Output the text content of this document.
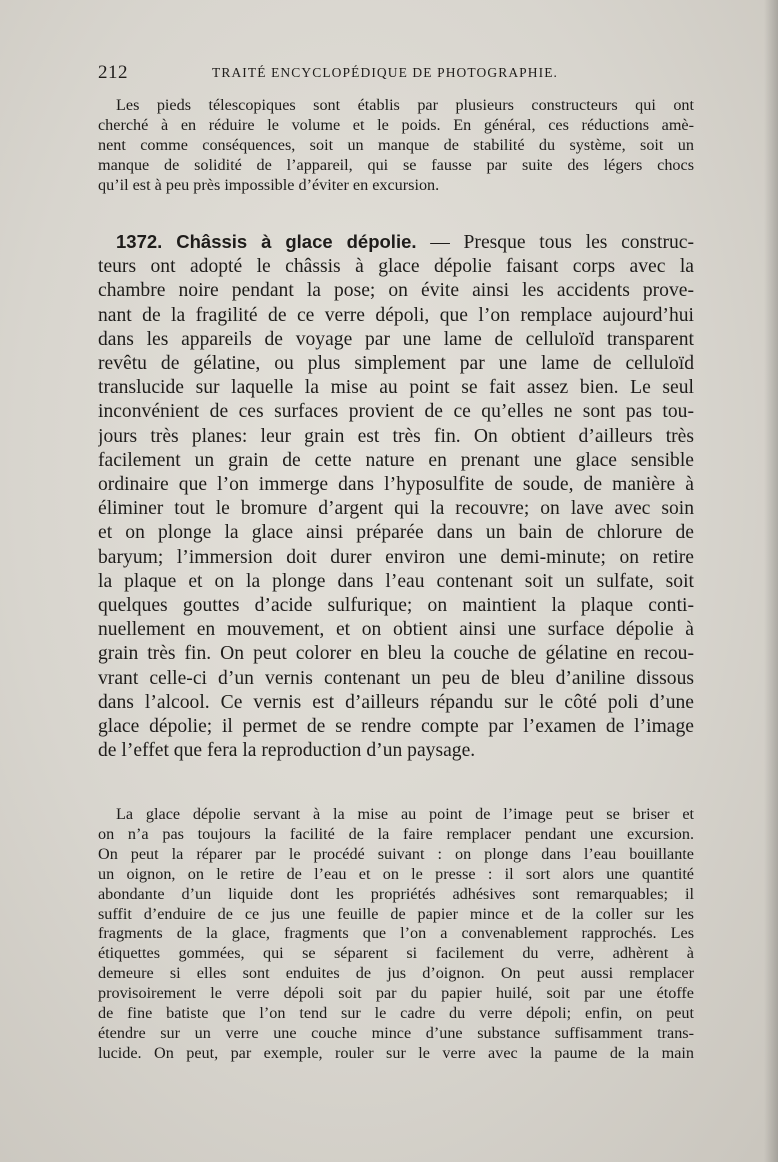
212	TRAITÉ ENCYCLOPÉDIQUE DE PHOTOGRAPHIE.
Les pieds télescopiques sont établis par plusieurs constructeurs qui ont
cherché à en réduire le volume et le poids. En général, ces réductions amè-
nent comme conséquences, soit un manque de stabilité du système, soit un
manque de solidité de l’appareil, qui se fausse par suite des légers chocs
qu’il est à peu près impossible d’éviter en excursion.
1372. Châssis à glace dépolie. — Presque tous les construc-
teurs ont adopté le châssis à glace dépolie faisant corps avec la
chambre noire pendant la pose; on évite ainsi les accidents prove-
nant de la fragilité de ce verre dépoli, que l’on remplace aujourd’hui
dans les appareils de voyage par une lame de celluloïd transparent
revêtu de gélatine, ou plus simplement par une lame de celluloïd
translucide sur laquelle la mise au point se fait assez bien. Le seul
inconvénient de ces surfaces provient de ce qu’elles ne sont pas tou-
jours très planes: leur grain est très fin. On obtient d’ailleurs très
facilement un grain de cette nature en prenant une glace sensible
ordinaire que l’on immerge dans l’hyposulfite de soude, de manière à
éliminer tout le bromure d’argent qui la recouvre; on lave avec soin
et on plonge la glace ainsi préparée dans un bain de chlorure de
baryum; l’immersion doit durer environ une demi-minute; on retire
la plaque et on la plonge dans l’eau contenant soit un sulfate, soit
quelques gouttes d’acide sulfurique; on maintient la plaque conti-
nuellement en mouvement, et on obtient ainsi une surface dépolie à
grain très fin. On peut colorer en bleu la couche de gélatine en recou-
vrant celle-ci d’un vernis contenant un peu de bleu d’aniline dissous
dans l’alcool. Ce vernis est d’ailleurs répandu sur le côté poli d’une
glace dépolie; il permet de se rendre compte par l’examen de l’image
de l’effet que fera la reproduction d’un paysage.
La glace dépolie servant à la mise au point de l’image peut se briser et
on n’a pas toujours la facilité de la faire remplacer pendant une excursion.
On peut la réparer par le procédé suivant : on plonge dans l’eau bouillante
un oignon, on le retire de l’eau et on le presse : il sort alors une quantité
abondante d’un liquide dont les propriétés adhésives sont remarquables; il
suffit d’enduire de ce jus une feuille de papier mince et de la coller sur les
fragments de la glace, fragments que l’on a convenablement rapprochés. Les
étiquettes gommées, qui se séparent si facilement du verre, adhèrent à
demeure si elles sont enduites de jus d’oignon. On peut aussi remplacer
provisoirement le verre dépoli soit par du papier huilé, soit par une étoffe
de fine batiste que l’on tend sur le cadre du verre dépoli; enfin, on peut
étendre sur un verre une couche mince d’une substance suffisamment trans-
lucide. On peut, par exemple, rouler sur le verre avec la paume de la main
